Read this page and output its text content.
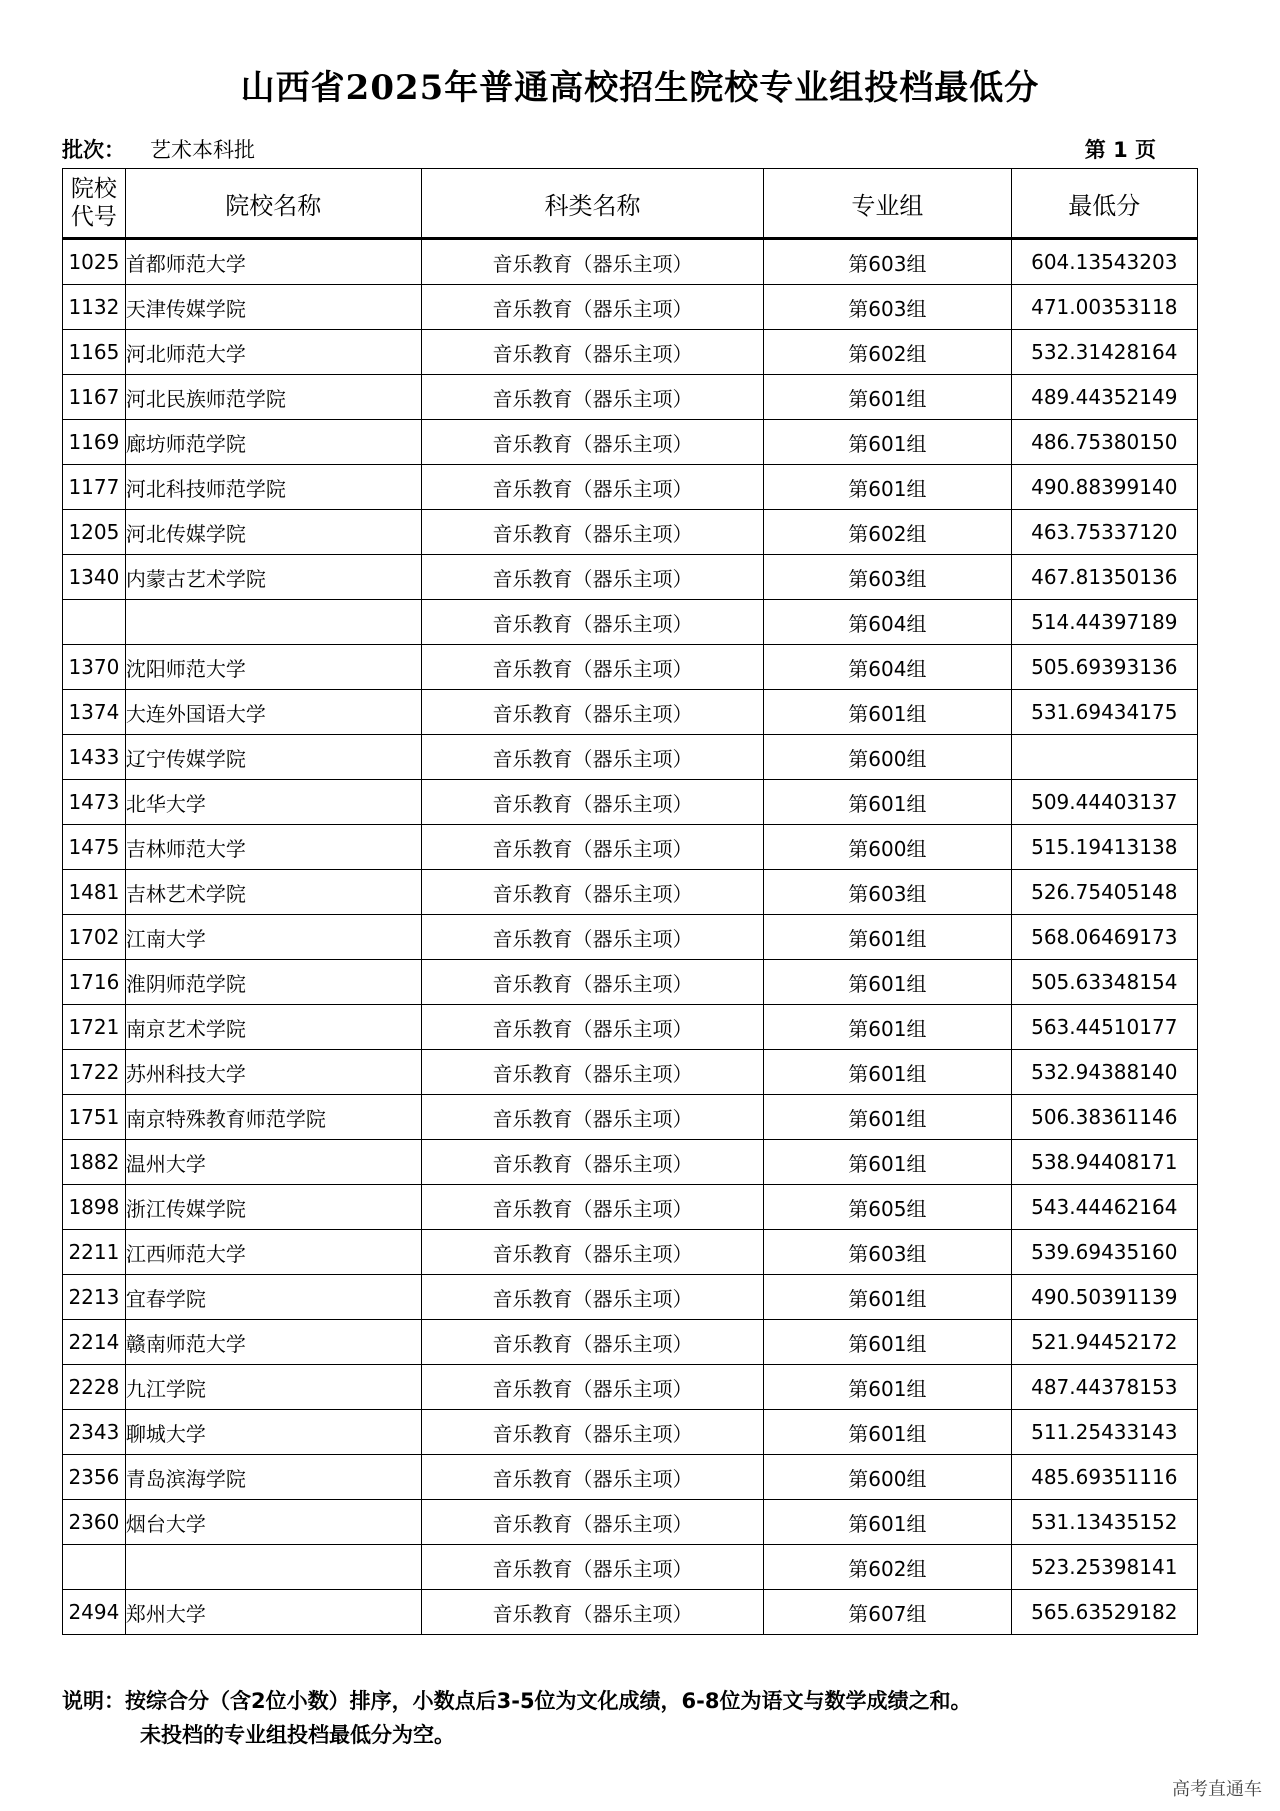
山西省2025年普通高校招生院校专业组投档最低分
批次： 艺术本科批	第 1 页
院校
代号	院校名称	科类名称	专业组	最低分
1025	首都师范大学	音乐教育（器乐主项）	第603组	604.13543203
1132	天津传媒学院	音乐教育（器乐主项）	第603组	471.00353118
1165	河北师范大学	音乐教育（器乐主项）	第602组	532.31428164
1167	河北民族师范学院	音乐教育（器乐主项）	第601组	489.44352149
1169	廊坊师范学院	音乐教育（器乐主项）	第601组	486.75380150
1177	河北科技师范学院	音乐教育（器乐主项）	第601组	490.88399140
1205	河北传媒学院	音乐教育（器乐主项）	第602组	463.75337120
1340	内蒙古艺术学院	音乐教育（器乐主项）	第603组	467.81350136
		音乐教育（器乐主项）	第604组	514.44397189
1370	沈阳师范大学	音乐教育（器乐主项）	第604组	505.69393136
1374	大连外国语大学	音乐教育（器乐主项）	第601组	531.69434175
1433	辽宁传媒学院	音乐教育（器乐主项）	第600组	
1473	北华大学	音乐教育（器乐主项）	第601组	509.44403137
1475	吉林师范大学	音乐教育（器乐主项）	第600组	515.19413138
1481	吉林艺术学院	音乐教育（器乐主项）	第603组	526.75405148
1702	江南大学	音乐教育（器乐主项）	第601组	568.06469173
1716	淮阴师范学院	音乐教育（器乐主项）	第601组	505.63348154
1721	南京艺术学院	音乐教育（器乐主项）	第601组	563.44510177
1722	苏州科技大学	音乐教育（器乐主项）	第601组	532.94388140
1751	南京特殊教育师范学院	音乐教育（器乐主项）	第601组	506.38361146
1882	温州大学	音乐教育（器乐主项）	第601组	538.94408171
1898	浙江传媒学院	音乐教育（器乐主项）	第605组	543.44462164
2211	江西师范大学	音乐教育（器乐主项）	第603组	539.69435160
2213	宜春学院	音乐教育（器乐主项）	第601组	490.50391139
2214	赣南师范大学	音乐教育（器乐主项）	第601组	521.94452172
2228	九江学院	音乐教育（器乐主项）	第601组	487.44378153
2343	聊城大学	音乐教育（器乐主项）	第601组	511.25433143
2356	青岛滨海学院	音乐教育（器乐主项）	第600组	485.69351116
2360	烟台大学	音乐教育（器乐主项）	第601组	531.13435152
		音乐教育（器乐主项）	第602组	523.25398141
2494	郑州大学	音乐教育（器乐主项）	第607组	565.63529182
说明：按综合分（含2位小数）排序，小数点后3-5位为文化成绩，6-8位为语文与数学成绩之和。
未投档的专业组投档最低分为空。
高考直通车
